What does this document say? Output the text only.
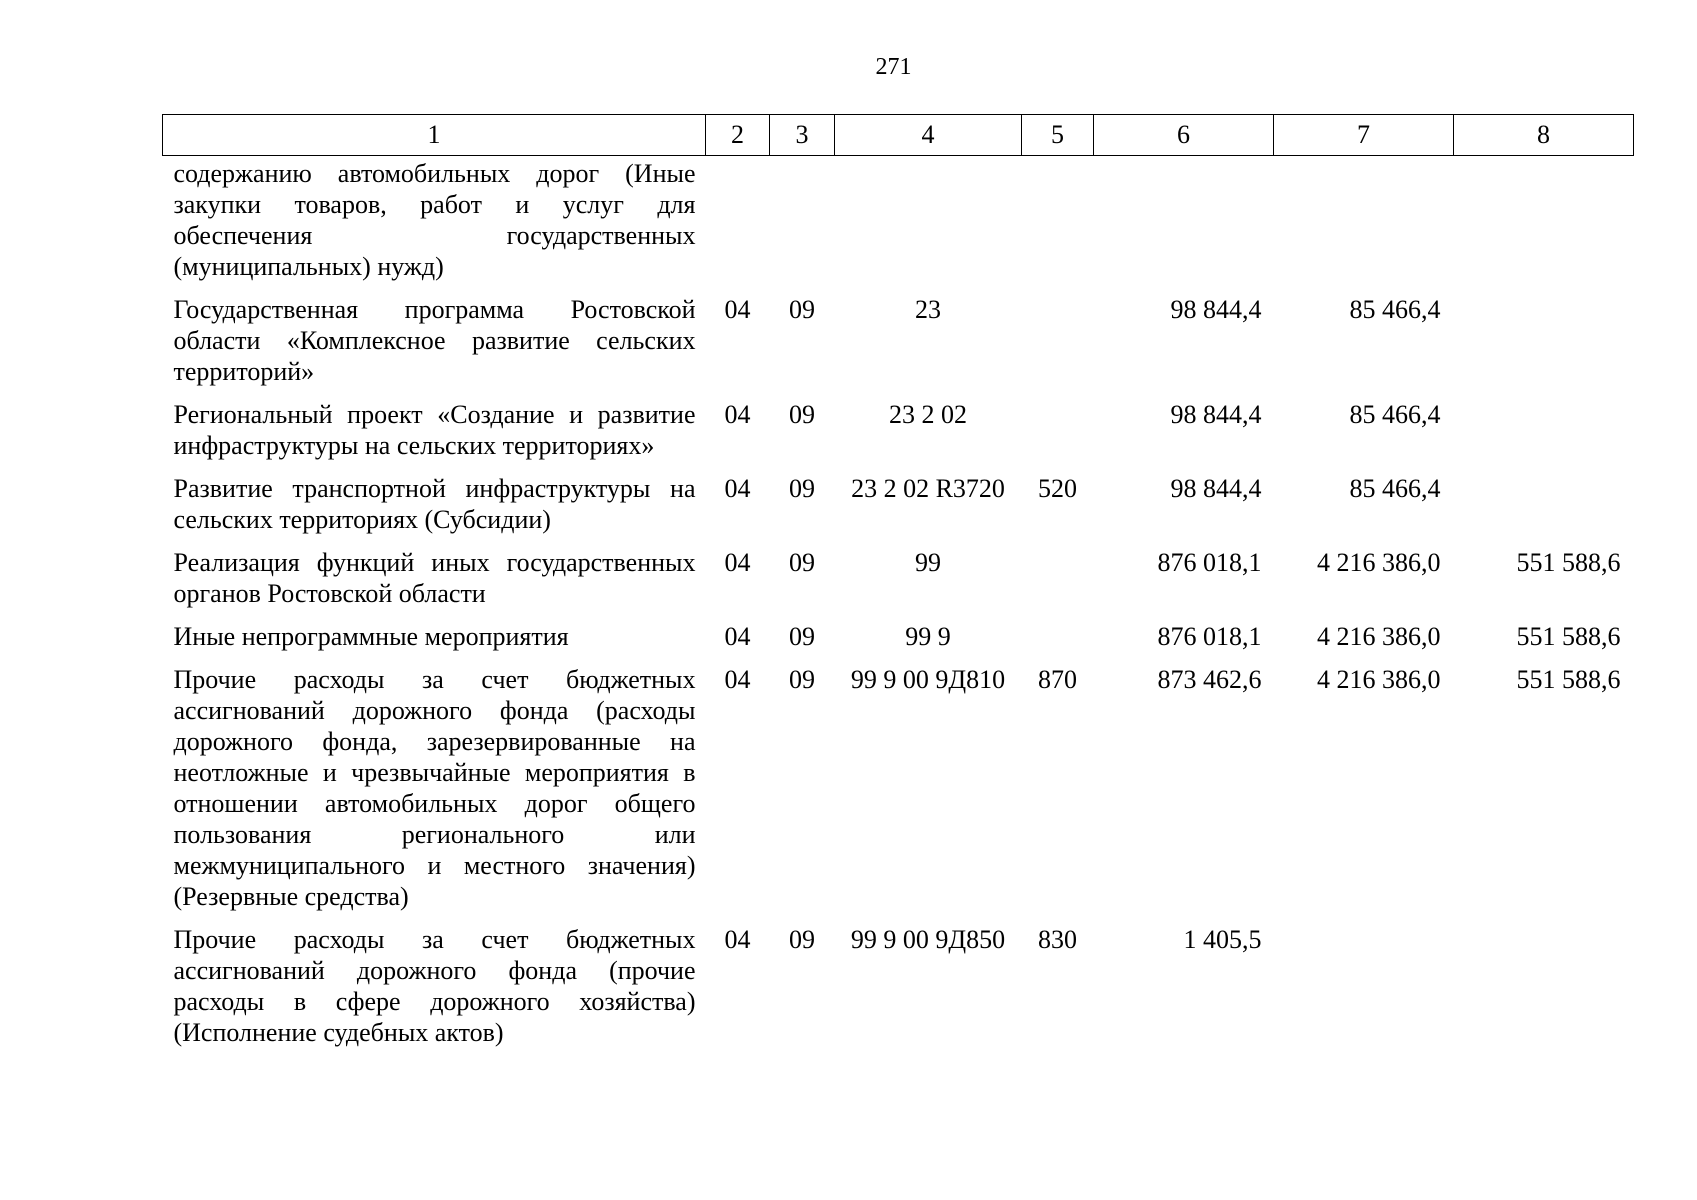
271
1	2	3	4	5	6	7	8
содержанию автомобильных дорог (Иные закупки товаров, работ и услуг для обеспечения государственных (муниципальных) нужд)							
Государственная программа Ростовской области «Комплексное развитие сельских территорий»	04	09	23		98 844,4	85 466,4	
Региональный проект «Создание и развитие инфраструктуры на сельских территориях»	04	09	23 2 02		98 844,4	85 466,4	
Развитие транспортной инфраструктуры на сельских территориях (Субсидии)	04	09	23 2 02 R3720	520	98 844,4	85 466,4	
Реализация функций иных государственных органов Ростовской области	04	09	99		876 018,1	4 216 386,0	551 588,6
Иные непрограммные мероприятия	04	09	99 9		876 018,1	4 216 386,0	551 588,6
Прочие расходы за счет бюджетных ассигнований дорожного фонда (расходы дорожного фонда, зарезервированные на неотложные и чрезвычайные мероприятия в отношении автомобильных дорог общего пользования регионального или межмуниципального и местного значения) (Резервные средства)	04	09	99 9 00 9Д810	870	873 462,6	4 216 386,0	551 588,6
Прочие расходы за счет бюджетных ассигнований дорожного фонда (прочие расходы в сфере дорожного хозяйства) (Исполнение судебных актов)	04	09	99 9 00 9Д850	830	1 405,5		
